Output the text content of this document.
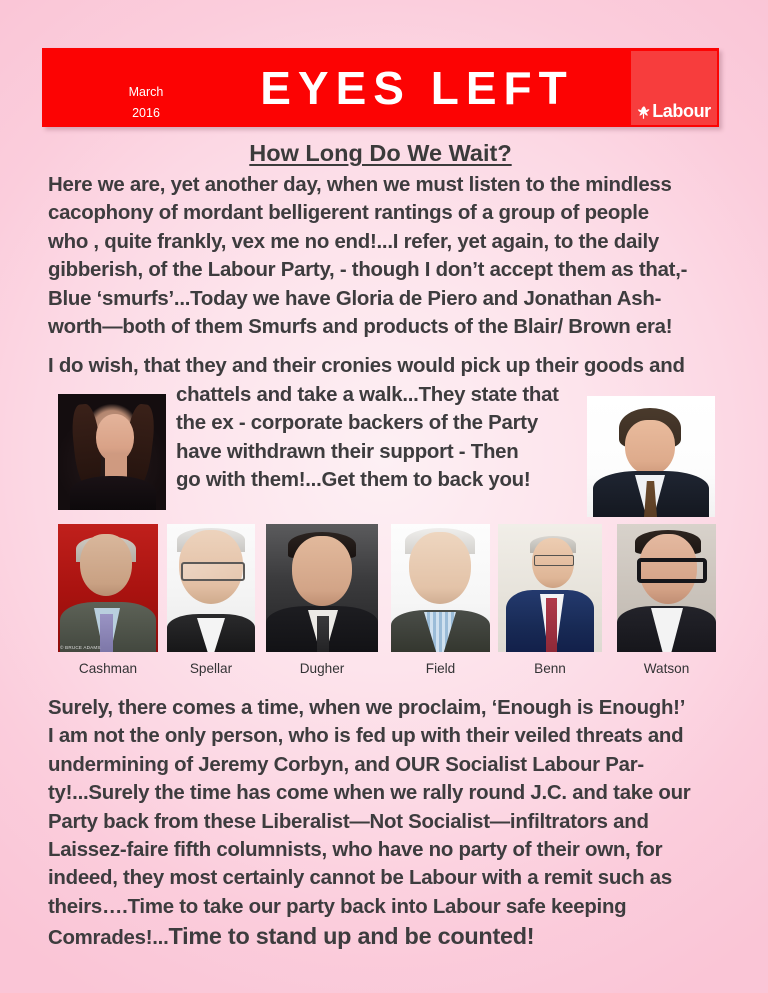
March
2016	EYES LEFT	Labour
How Long Do We Wait?
Here we are, yet another day, when we must listen to the mindless
cacophony of mordant belligerent rantings of a group of people
who , quite frankly, vex me no end!...I refer, yet again, to the daily
gibberish, of the Labour Party, - though I don’t accept them as that,-
Blue ‘smurfs’...Today we have Gloria de Piero and Jonathan Ash-
worth—both of them Smurfs and products of the Blair/ Brown era!
I do wish, that they and their cronies would pick up their goods and
chattels and take a walk...They state that
the ex - corporate backers of the Party
have withdrawn their support - Then
go with them!...Get them to back you!
© BRUCE ADAMS
Cashman	Spellar	Dugher	Field	Benn	Watson
Surely, there comes a time, when we proclaim, ‘Enough is Enough!’
I am not the only person, who is fed up with their veiled threats and
undermining of Jeremy Corbyn, and OUR Socialist Labour Par-
ty!...Surely the time has come when we rally round J.C. and take our
Party back from these Liberalist—Not Socialist—infiltrators and
Laissez-faire fifth columnists, who have no party of their own, for
indeed, they most certainly cannot be Labour with a remit such as
theirs….Time to take our party back into Labour safe keeping
Comrades!...Time to stand up and be counted!
